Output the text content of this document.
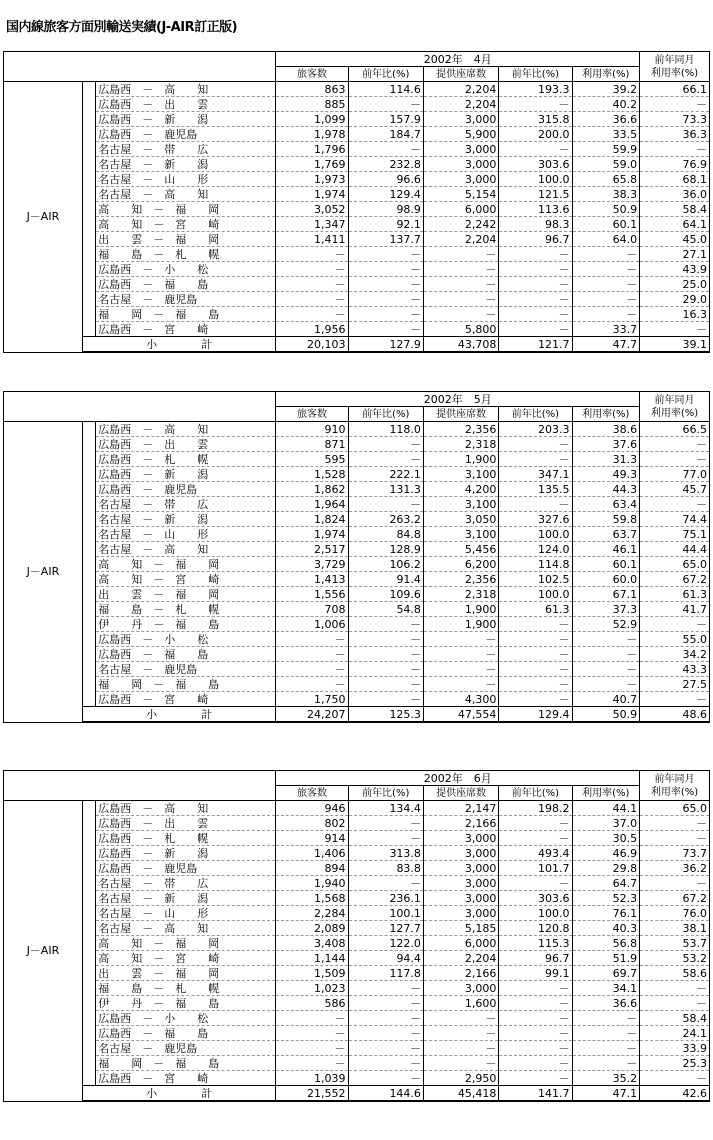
国内線旅客方面別輸送実績(J-AIR訂正版)
			2002年　4月					前年同月
利用率(%)

			旅客数	前年比(%)	提供座席数	前年比(%)	利用率(%)	
J－AIR		広島西　－　高　　知	863	114.6	2,204	193.3	39.2	66.1
		広島西　－　出　　雲	885	－	2,204	－	40.2	－
		広島西　－　新　　潟	1,099	157.9	3,000	315.8	36.6	73.3
		広島西　－　鹿児島	1,978	184.7	5,900	200.0	33.5	36.3
		名古屋　－　帯　　広	1,796	－	3,000	－	59.9	－
		名古屋　－　新　　潟	1,769	232.8	3,000	303.6	59.0	76.9
		名古屋　－　山　　形	1,973	96.6	3,000	100.0	65.8	68.1
		名古屋　－　高　　知	1,974	129.4	5,154	121.5	38.3	36.0
		高　　知　－　福　　岡	3,052	98.9	6,000	113.6	50.9	58.4
		高　　知　－　宮　　崎	1,347	92.1	2,242	98.3	60.1	64.1
		出　　雲　－　福　　岡	1,411	137.7	2,204	96.7	64.0	45.0
		福　　島　－　札　　幌	－	－	－	－	－	27.1
		広島西　－　小　　松	－	－	－	－	－	43.9
		広島西　－　福　　島	－	－	－	－	－	25.0
		名古屋　－　鹿児島	－	－	－	－	－	29.0
		福　　岡　－　福　　島	－	－	－	－	－	16.3
		広島西　－　宮　　崎	1,956	－	5,800	－	33.7	－
	小　　　　計		20,103	127.9	43,708	121.7	47.7	39.1
			2002年　5月					前年同月
利用率(%)

			旅客数	前年比(%)	提供座席数	前年比(%)	利用率(%)	
J－AIR		広島西　－　高　　知	910	118.0	2,356	203.3	38.6	66.5
		広島西　－　出　　雲	871	－	2,318	－	37.6	－
		広島西　－　札　　幌	595	－	1,900	－	31.3	－
		広島西　－　新　　潟	1,528	222.1	3,100	347.1	49.3	77.0
		広島西　－　鹿児島	1,862	131.3	4,200	135.5	44.3	45.7
		名古屋　－　帯　　広	1,964	－	3,100	－	63.4	－
		名古屋　－　新　　潟	1,824	263.2	3,050	327.6	59.8	74.4
		名古屋　－　山　　形	1,974	84.8	3,100	100.0	63.7	75.1
		名古屋　－　高　　知	2,517	128.9	5,456	124.0	46.1	44.4
		高　　知　－　福　　岡	3,729	106.2	6,200	114.8	60.1	65.0
		高　　知　－　宮　　崎	1,413	91.4	2,356	102.5	60.0	67.2
		出　　雲　－　福　　岡	1,556	109.6	2,318	100.0	67.1	61.3
		福　　島　－　札　　幌	708	54.8	1,900	61.3	37.3	41.7
		伊　　丹　－　福　　島	1,006	－	1,900	－	52.9	－
		広島西　－　小　　松	－	－	－	－	－	55.0
		広島西　－　福　　島	－	－	－	－	－	34.2
		名古屋　－　鹿児島	－	－	－	－	－	43.3
		福　　岡　－　福　　島	－	－	－	－	－	27.5
		広島西　－　宮　　崎	1,750	－	4,300	－	40.7	－
	小　　　　計		24,207	125.3	47,554	129.4	50.9	48.6
			2002年　6月					前年同月
利用率(%)

			旅客数	前年比(%)	提供座席数	前年比(%)	利用率(%)	
J－AIR		広島西　－　高　　知	946	134.4	2,147	198.2	44.1	65.0
		広島西　－　出　　雲	802	－	2,166	－	37.0	－
		広島西　－　札　　幌	914	－	3,000	－	30.5	－
		広島西　－　新　　潟	1,406	313.8	3,000	493.4	46.9	73.7
		広島西　－　鹿児島	894	83.8	3,000	101.7	29.8	36.2
		名古屋　－　帯　　広	1,940	－	3,000	－	64.7	－
		名古屋　－　新　　潟	1,568	236.1	3,000	303.6	52.3	67.2
		名古屋　－　山　　形	2,284	100.1	3,000	100.0	76.1	76.0
		名古屋　－　高　　知	2,089	127.7	5,185	120.8	40.3	38.1
		高　　知　－　福　　岡	3,408	122.0	6,000	115.3	56.8	53.7
		高　　知　－　宮　　崎	1,144	94.4	2,204	96.7	51.9	53.2
		出　　雲　－　福　　岡	1,509	117.8	2,166	99.1	69.7	58.6
		福　　島　－　札　　幌	1,023	－	3,000	－	34.1	－
		伊　　丹　－　福　　島	586	－	1,600	－	36.6	－
		広島西　－　小　　松	－	－	－	－	－	58.4
		広島西　－　福　　島	－	－	－	－	－	24.1
		名古屋　－　鹿児島	－	－	－	－	－	33.9
		福　　岡　－　福　　島	－	－	－	－	－	25.3
		広島西　－　宮　　崎	1,039	－	2,950	－	35.2	－
	小　　　　計		21,552	144.6	45,418	141.7	47.1	42.6
